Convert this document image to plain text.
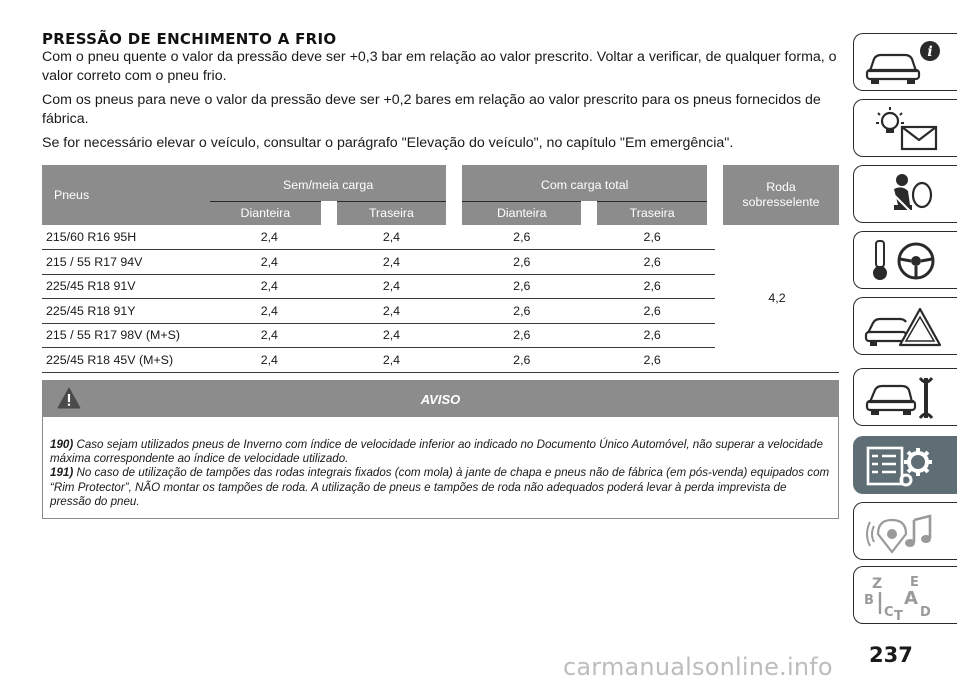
PRESSÃO DE ENCHIMENTO A FRIO

Com o pneu quente o valor da pressão deve ser +0,3 bar em relação ao valor prescrito. Voltar a verificar, de qualquer forma, o valor correto com o pneu frio.

Com os pneus para neve o valor da pressão deve ser +0,2 bares em relação ao valor prescrito para os pneus fornecidos de fábrica.

Se for necessário elevar o veículo, consultar o parágrafo "Elevação do veículo", no capítulo "Em emergência".

Pneus	Sem/meia carga		Com carga total		Roda
sobresselente
	Dianteira	Traseira	Dianteira	Traseira	
215/60 R16 95H	2,4	2,4	2,6	2,6	4,2
215 / 55 R17 94V	2,4	2,4	2,6	2,6	
225/45 R18 91V	2,4	2,4	2,6	2,6	
225/45 R18 91Y	2,4	2,4	2,6	2,6	
215 / 55 R17 98V (M+S)	2,4	2,4	2,6	2,6	
225/45 R18 45V (M+S)	2,4	2,4	2,6	2,6	
AVISO
190) Caso sejam utilizados pneus de Inverno com índice de velocidade inferior ao indicado no Documento Único Automóvel, não superar a velocidade máxima correspondente ao índice de velocidade utilizado.
191) No caso de utilização de tampões das rodas integrais fixados (com mola) à jante de chapa e pneus não de fábrica (em pós-venda) equipados com “Rim Protector”, NÃO montar os tampões de roda. A utilização de pneus e tampões de roda não adequados poderá levar à perda imprevista de pressão do pneu.
i
Z E
B A
C T D
237
carmanualsonline.info
